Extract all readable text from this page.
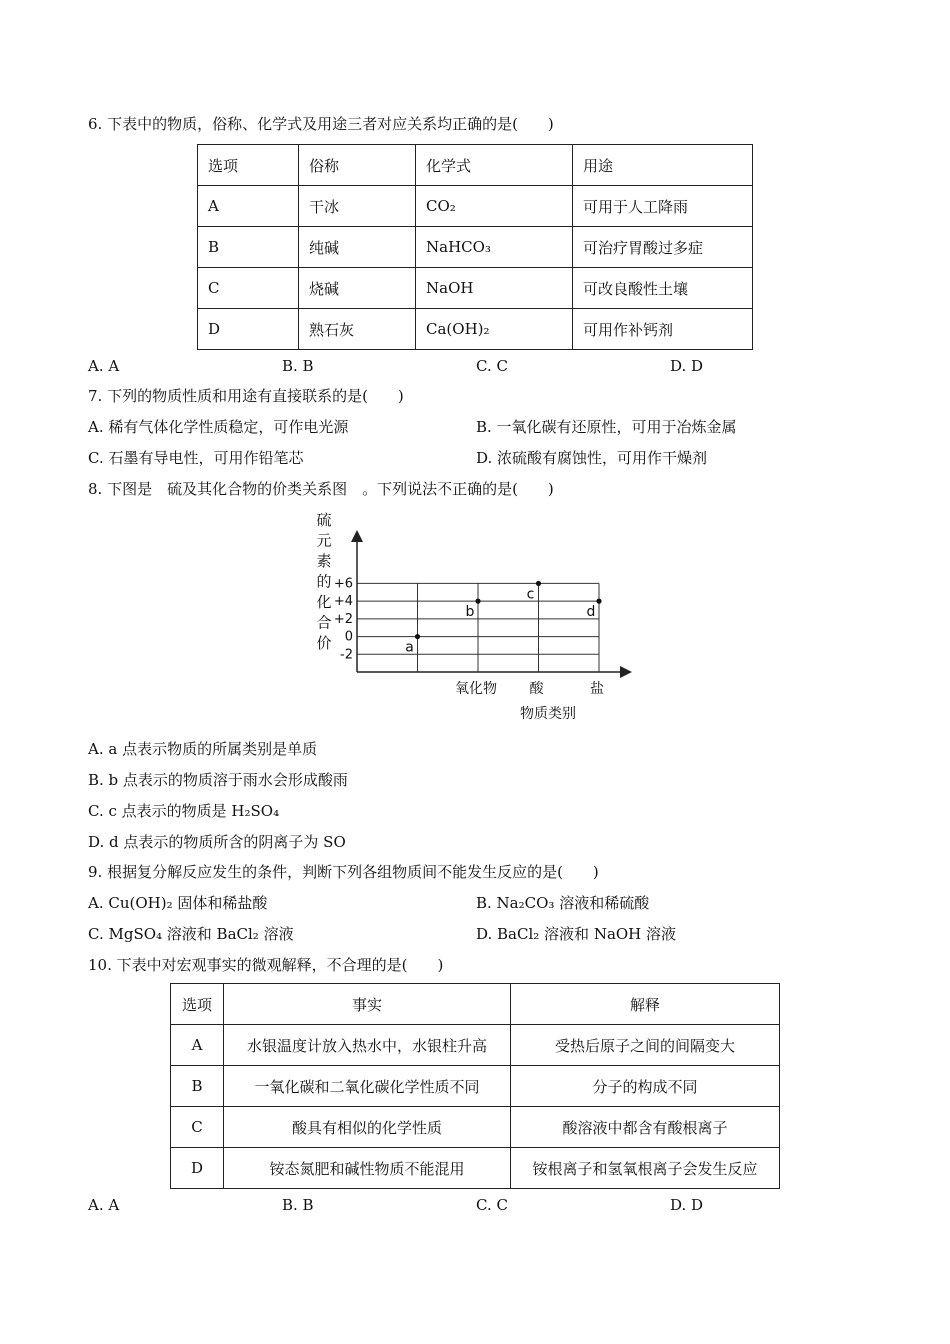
6. 下表中的物质，俗称、化学式及用途三者对应关系均正确的是(　　)
选项	俗称	化学式	用途
A	干冰	CO₂	可用于人工降雨
B	纯碱	NaHCO₃	可治疗胃酸过多症
C	烧碱	NaOH	可改良酸性土壤
D	熟石灰	Ca(OH)₂	可用作补钙剂
A. A	B. B	C. C	D. D
7. 下列的物质性质和用途有直接联系的是(　　)
A. 稀有气体化学性质稳定，可作电光源	B. 一氧化碳有还原性，可用于冶炼金属
C. 石墨有导电性，可用作铅笔芯	D. 浓硫酸有腐蚀性，可用作干燥剂
8. 下图是　硫及其化合物的价类关系图　。下列说法不正确的是(　　)
硫
元
素
的
化
合
价
-2
0
+2
+4
+6
氧化物 酸	盐
a
b
c
d
物质类别
A. a 点表示物质的所属类别是单质
B. b 点表示的物质溶于雨水会形成酸雨
C. c 点表示的物质是 H₂SO₄
D. d 点表示的物质所含的阴离子为 SO
9. 根据复分解反应发生的条件，判断下列各组物质间不能发生反应的是(　　)
A. Cu(OH)₂ 固体和稀盐酸	B. Na₂CO₃ 溶液和稀硫酸
C. MgSO₄ 溶液和 BaCl₂ 溶液	D. BaCl₂ 溶液和 NaOH 溶液
10. 下表中对宏观事实的微观解释，不合理的是(　　)
选项	事实	解释
A	水银温度计放入热水中，水银柱升高	受热后原子之间的间隔变大
B	一氧化碳和二氧化碳化学性质不同	分子的构成不同
C	酸具有相似的化学性质	酸溶液中都含有酸根离子
D	铵态氮肥和碱性物质不能混用	铵根离子和氢氧根离子会发生反应
A. A	B. B	C. C	D. D
